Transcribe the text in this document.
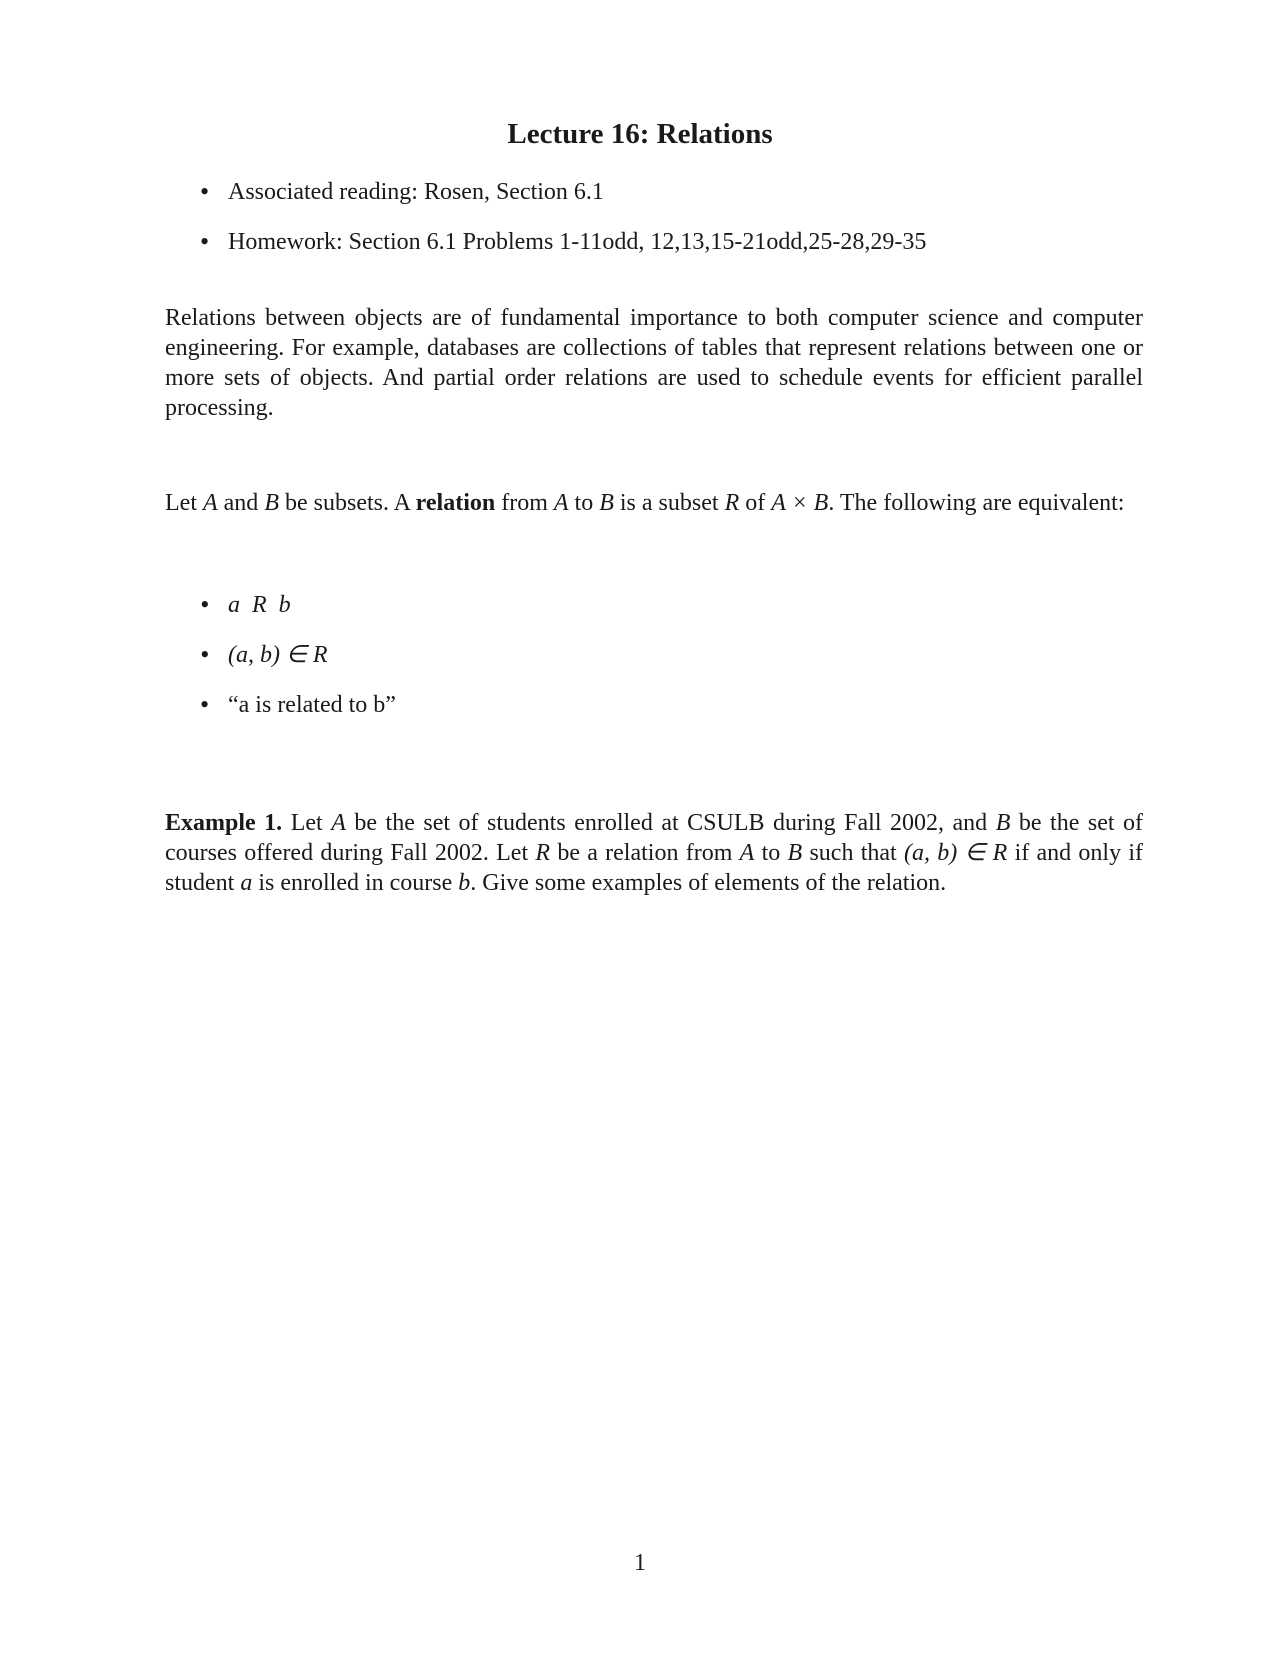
Lecture 16: Relations
• Associated reading: Rosen, Section 6.1
• Homework: Section 6.1 Problems 1-11odd, 12,13,15-21odd,25-28,29-35

Relations between objects are of fundamental importance to both computer science and computer engineering. For example, databases are collections of tables that represent relations between one or more sets of objects. And partial order relations are used to schedule events for efficient parallel processing.

Let A and B be subsets. A relation from A to B is a subset R of A × B. The following are equivalent:

• a  R  b
• (a, b) ∈ R
• “a is related to b”

Example 1. Let A be the set of students enrolled at CSULB during Fall 2002, and B be the set of courses offered during Fall 2002. Let R be a relation from A to B such that (a, b) ∈ R if and only if student a is enrolled in course b. Give some examples of elements of the relation.

1
